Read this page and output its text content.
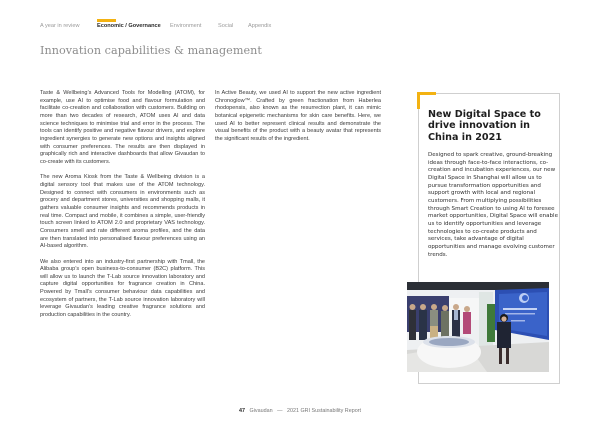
A year in review	Economic / Governance Environment	Social	Appendix
Innovation capabilities & management

Taste & Wellbeing’s Advanced Tools for Modelling (ATOM), for example, use AI to optimise food and flavour formulation and facilitate co-creation and collaboration with customers. Building on more than two decades of research, ATOM uses AI and data science techniques to minimise trial and error in the process. The tools can identify positive and negative flavour drivers, and explore ingredient synergies to generate new options and insights aligned with consumer preferences. The results are then displayed in graphically rich and interactive dashboards that allow Givaudan to co-create with its customers.

The new Aroma Kiosk from the Taste & Wellbeing division is a digital sensory tool that makes use of the ATOM technology. Designed to connect with consumers in environments such as grocery and department stores, universities and shopping malls, it gathers valuable consumer insights and recommends products in real time. Compact and mobile, it combines a simple, user-friendly touch screen linked to ATOM 2.0 and proprietary VAS technology. Consumers smell and rate different aroma profiles, and the data are then translated into personalised flavour preferences using an AI-based algorithm.

We also entered into an industry-first partnership with Tmall, the Alibaba group’s open business-to-consumer (B2C) platform. This will allow us to launch the T-Lab source innovation laboratory and capture digital opportunities for fragrance creation in China. Powered by Tmall’s consumer behaviour data capabilities and ecosystem of partners, the T-Lab source innovation laboratory will leverage Givaudan’s leading creative fragrance solutions and production capabilities in the country.

In Active Beauty, we used AI to support the new active ingredient Chronoglow™. Crafted by green fractionation from Haberlea rhodopensis, also known as the resurrection plant, it can mimic botanical epigenetic mechanisms for skin care benefits. Here, we used AI to better represent clinical results and demonstrate the visual benefits of the product with a beauty avatar that represents the significant results of the ingredient.

New Digital Space to drive innovation in China in 2021
Designed to spark creative, ground-breaking ideas through face-to-face interactions, co-creation and incubation experiences, our new Digital Space in Shanghai will allow us to pursue transformation opportunities and support growth with local and regional customers. From multiplying possibilities through Smart Creation to using AI to foresee market opportunities, Digital Space will enable us to identify opportunities and leverage technologies to co-create products and services, take advantage of digital opportunities and manage evolving customer trends.
47 Givaudan — 2021 GRI Sustainability Report
